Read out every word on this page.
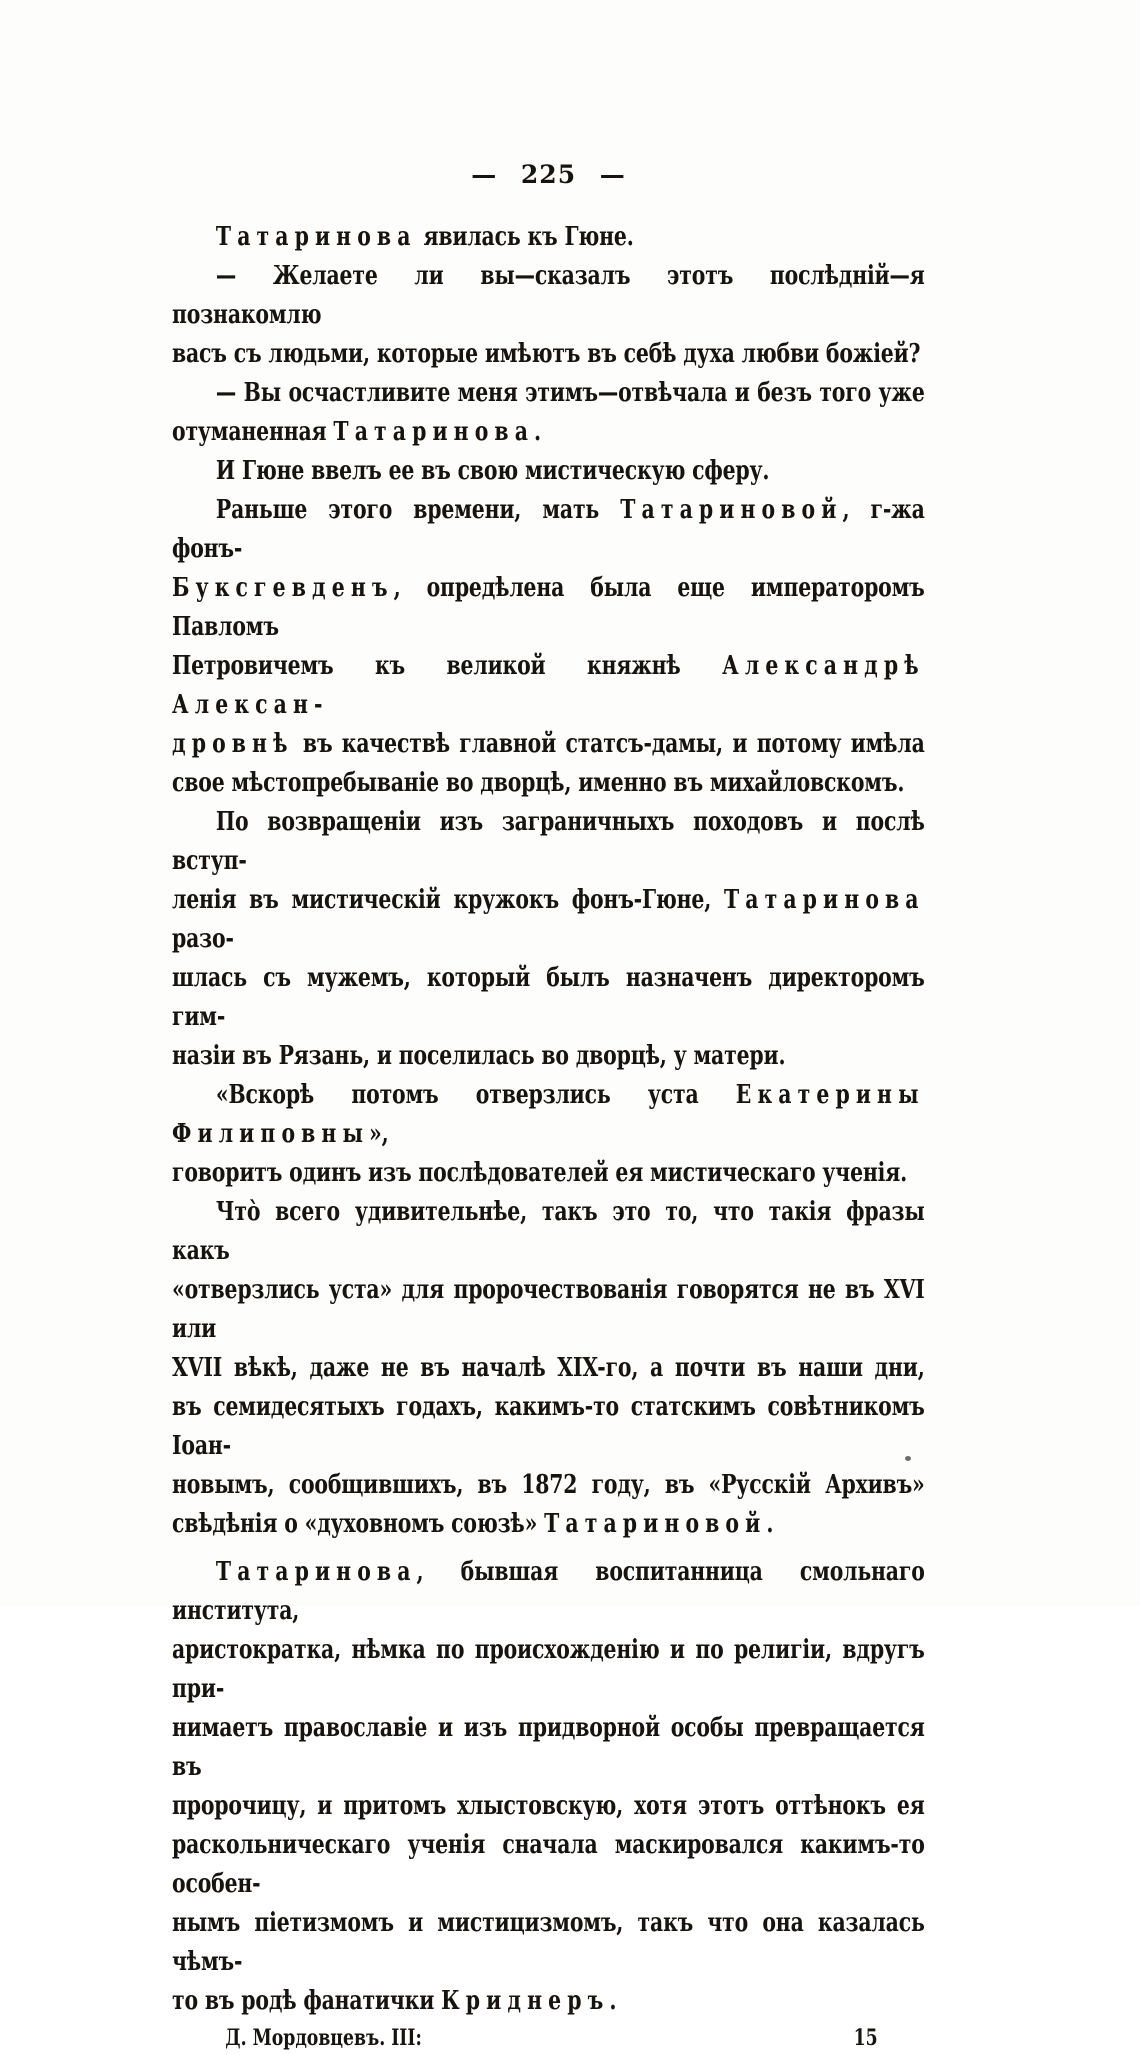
— 225 —
Татаринова явилась къ Гюне.
— Желаете ли вы—сказалъ этотъ послѣдній—я познакомлю
васъ съ людьми, которые имѣютъ въ себѣ духа любви божіей?
— Вы осчастливите меня этимъ—отвѣчала и безъ того уже
отуманенная Татаринова.
И Гюне ввелъ ее въ свою мистическую сферу.
Раньше этого времени, мать Татариновой, г-жа фонъ-
Буксгевденъ, опредѣлена была еще императоромъ Павломъ
Петровичемъ къ великой княжнѣ Александрѣ Алексан-
дровнѣ въ качествѣ главной статсъ-дамы, и потому имѣла
свое мѣстопребываніе во дворцѣ, именно въ михайловскомъ.
По возвращеніи изъ заграничныхъ походовъ и послѣ вступ-
ленія въ мистическій кружокъ фонъ-Гюне, Татаринова разо-
шлась съ мужемъ, который былъ назначенъ директоромъ гим-
назіи въ Рязань, и поселилась во дворцѣ, у матери.
«Вскорѣ потомъ отверзлись уста Екатерины Филиповны»,
говоритъ одинъ изъ послѣдователей ея мистическаго ученія.
Что̀ всего удивительнѣе, такъ это то, что такія фразы какъ
«отверзлись уста» для пророчествованія говорятся не въ XVI или
XVII вѣкѣ, даже не въ началѣ XIX-го, а почти въ наши дни,
въ семидесятыхъ годахъ, какимъ-то статскимъ совѣтникомъ Іоан-
новымъ, сообщившихъ, въ 1872 году, въ «Русскій Архивъ»
свѣдѣнія о «духовномъ союзѣ» Татариновой.
Татаринова, бывшая воспитанница смольнаго института,
аристократка, нѣмка по происхожденію и по религіи, вдругъ при-
нимаетъ православіе и изъ придворной особы превращается въ
пророчицу, и притомъ хлыстовскую, хотя этотъ оттѣнокъ ея
раскольническаго ученія сначала маскировался какимъ-то особен-
нымъ піетизмомъ и мистицизмомъ, такъ что она казалась чѣмъ-
то въ родѣ фанатички Криднеръ.
Д. Мордовцевъ. III:	15
